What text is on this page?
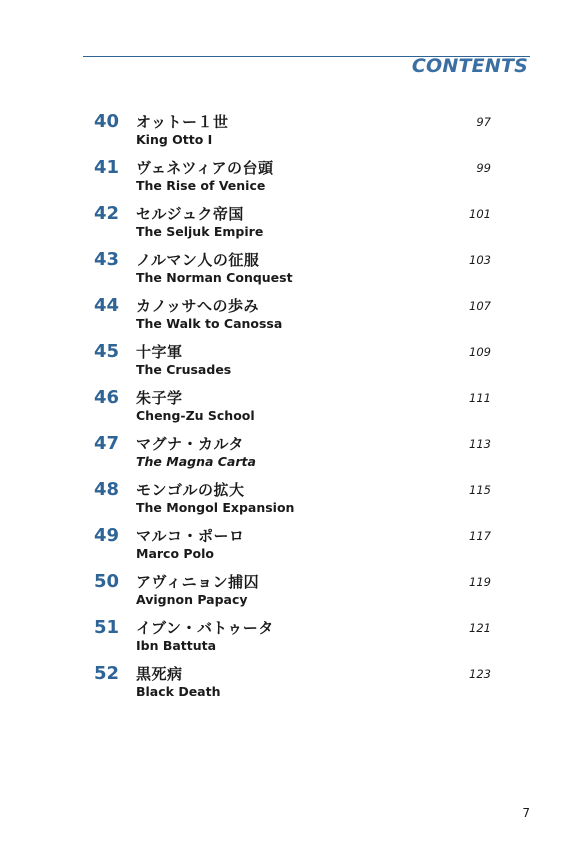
CONTENTS
40 オットー１世
King Otto I
97
41 ヴェネツィアの台頭
The Rise of Venice
99
42 セルジュク帝国
The Seljuk Empire
101
43 ノルマン人の征服
The Norman Conquest
103
44 カノッサへの歩み
The Walk to Canossa
107
45 十字軍
The Crusades
109
46 朱子学
Cheng-Zu School
111
47 マグナ・カルタ
The Magna Carta
113
48 モンゴルの拡大
The Mongol Expansion
115
49 マルコ・ポーロ
Marco Polo
117
50 アヴィニョン捕囚
Avignon Papacy
119
51 イブン・バトゥータ
Ibn Battuta
121
52 黒死病
Black Death
123
7
